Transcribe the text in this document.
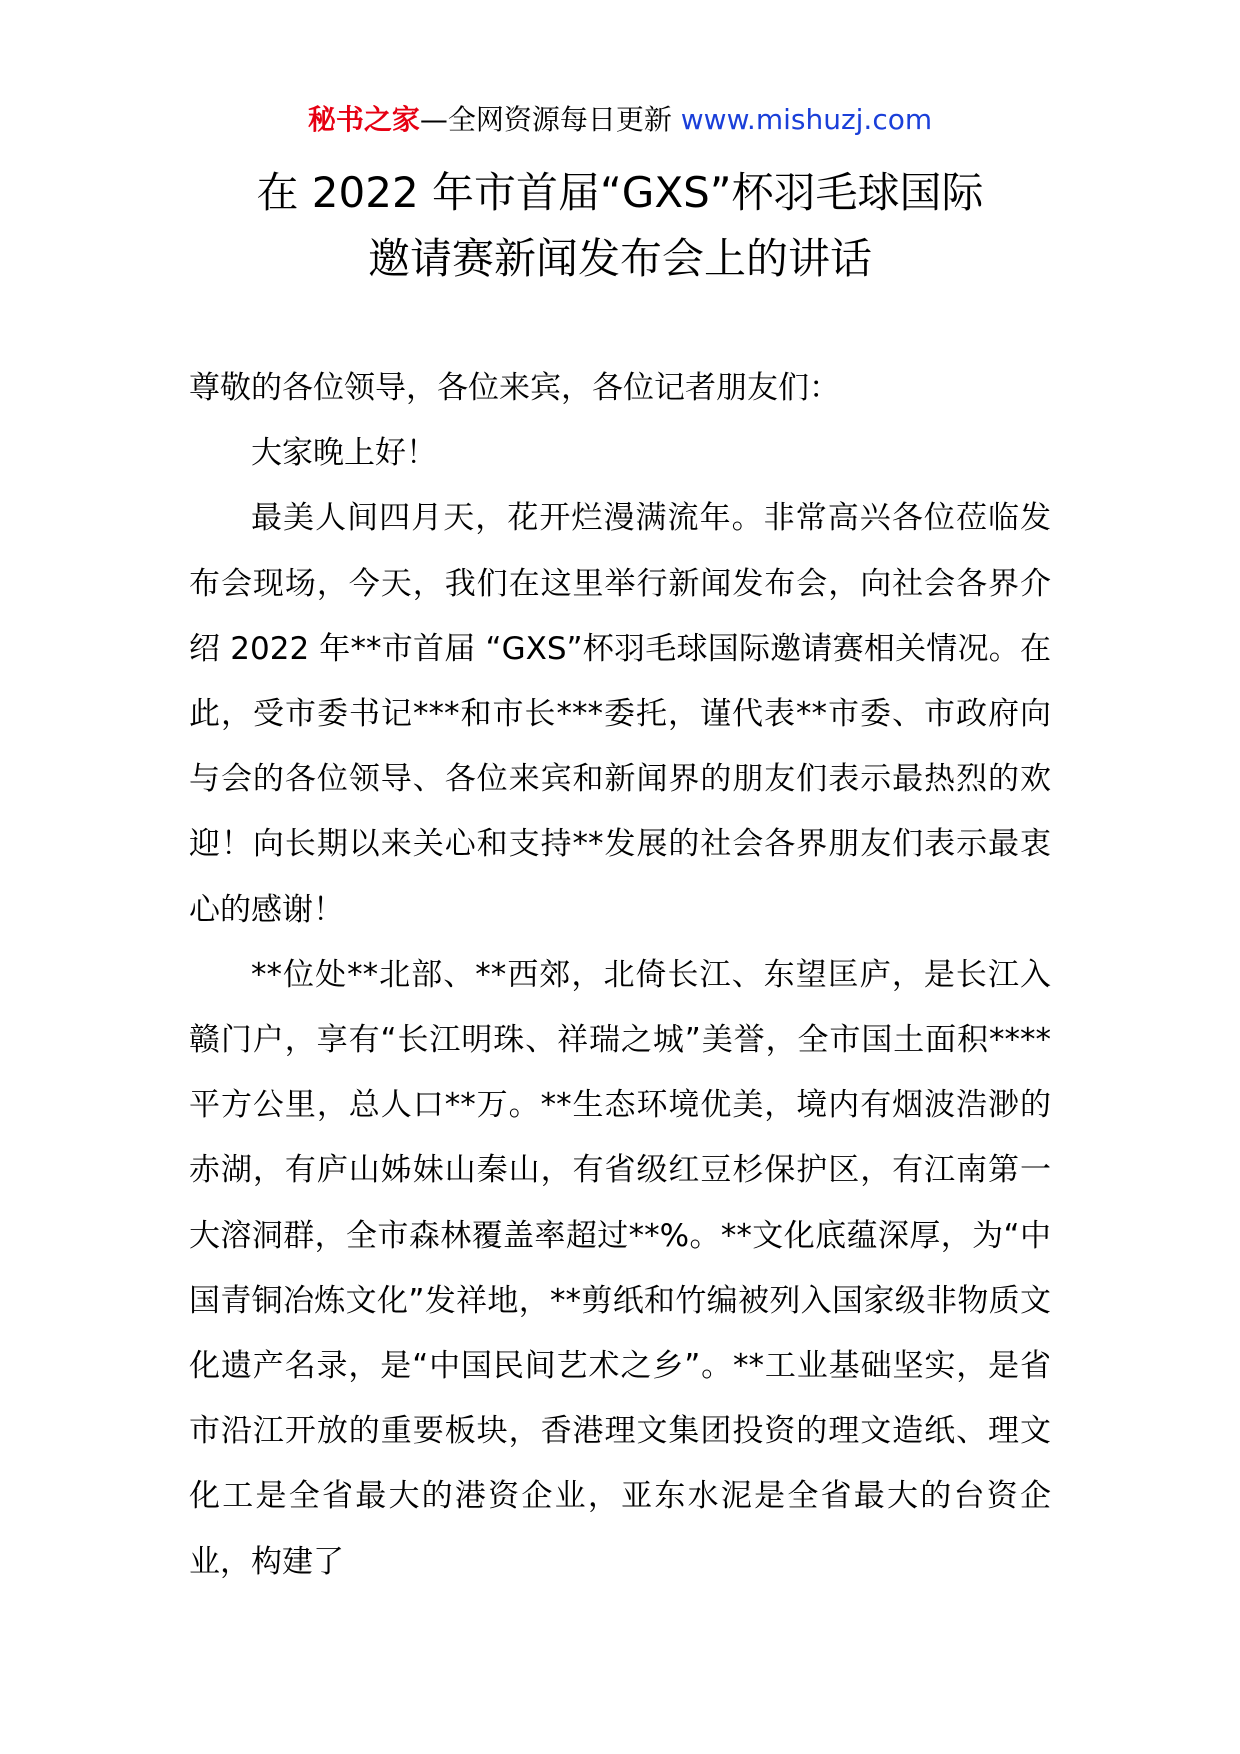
秘书之家—全网资源每日更新 www.mishuzj.com
在 2022 年市首届“GXS”杯羽毛球国际
邀请赛新闻发布会上的讲话

尊敬的各位领导，各位来宾，各位记者朋友们：

大家晚上好！

最美人间四月天，花开烂漫满流年。非常高兴各位莅临发布会现场，今天，我们在这里举行新闻发布会，向社会各界介绍 2022 年**市首届 “GXS”杯羽毛球国际邀请赛相关情况。在此，受市委书记***和市长***委托，谨代表**市委、市政府向与会的各位领导、各位来宾和新闻界的朋友们表示最热烈的欢迎！向长期以来关心和支持**发展的社会各界朋友们表示最衷心的感谢！

**位处**北部、**西郊，北倚长江、东望匡庐，是长江入赣门户，享有“长江明珠、祥瑞之城”美誉，全市国土面积****平方公里，总人口**万。**生态环境优美，境内有烟波浩渺的赤湖，有庐山姊妹山秦山，有省级红豆杉保护区，有江南第一大溶洞群，全市森林覆盖率超过**%。**文化底蕴深厚，为“中国青铜冶炼文化”发祥地，**剪纸和竹编被列入国家级非物质文化遗产名录，是“中国民间艺术之乡”。**工业基础坚实，是省市沿江开放的重要板块，香港理文集团投资的理文造纸、理文化工是全省最大的港资企业，亚东水泥是全省最大的台资企业，构建了
